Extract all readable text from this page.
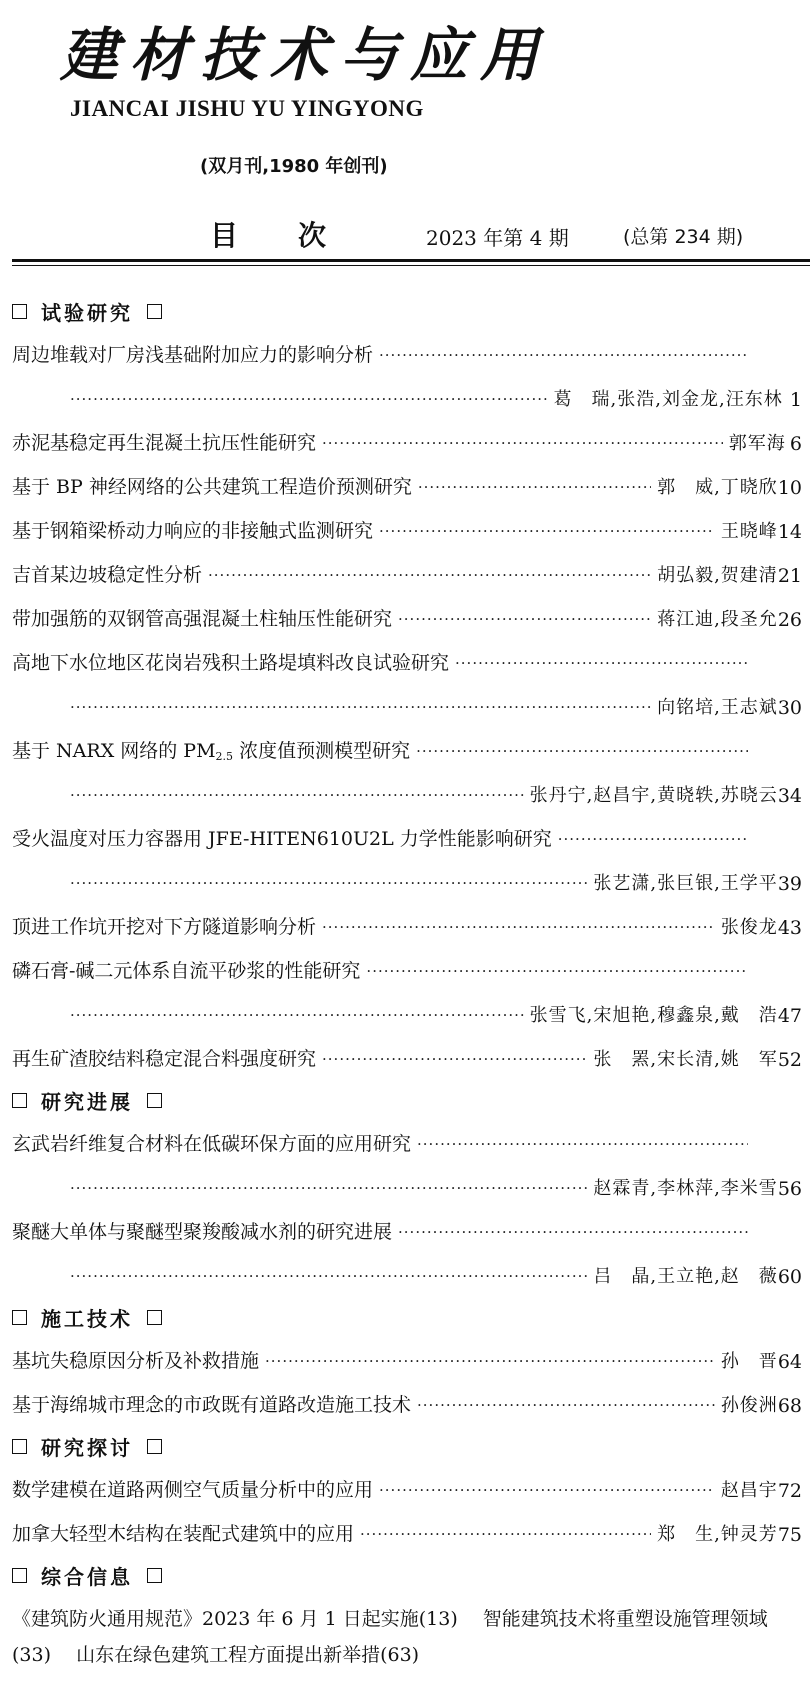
建材技术与应用
JIANCAI JISHU YU YINGYONG
(双月刊,1980 年创刊)
目次 2023 年第 4 期	(总第 234 期)
试验研究
周边堆载对厂房浅基础附加应力的影响分析
·····
·····
葛　瑞,张浩,刘金龙,汪东林 1
赤泥基稳定再生混凝土抗压性能研究 ·····	郭军海 6
基于 BP 神经网络的公共建筑工程造价预测研究 ·····	郭　威,丁晓欣 10
基于钢箱梁桥动力响应的非接触式监测研究 ·····	王晓峰 14
吉首某边坡稳定性分析 ·····	胡弘毅,贺建清 21
带加强筋的双钢管高强混凝土柱轴压性能研究 ·····	蒋江迪,段圣允 26
高地下水位地区花岗岩残积土路堤填料改良试验研究
·····
·····
向铭培,王志斌 30
基于 NARX 网络的 $PM_{2.5}$ 浓度值预测模型研究
·····
·····
张丹宁,赵昌宇,黄晓轶,苏晓云 34
受火温度对压力容器用 JFE-HITEN610U2L 力学性能影响研究
·····
·····
张艺潇,张巨银,王学平 39
顶进工作坑开挖对下方隧道影响分析 ·····	张俊龙 43
磷石膏-碱二元体系自流平砂浆的性能研究
·····
·····
张雪飞,宋旭艳,穆鑫泉,戴　浩 47
再生矿渣胶结料稳定混合料强度研究 ·····	张　罴,宋长清,姚　军 52
研究进展
玄武岩纤维复合材料在低碳环保方面的应用研究
·····
·····
赵霖青,李林萍,李米雪 56
聚醚大单体与聚醚型聚羧酸减水剂的研究进展
·····
·····
吕　晶,王立艳,赵　薇 60
施工技术
基坑失稳原因分析及补救措施 ·····	孙　晋 64
基于海绵城市理念的市政既有道路改造施工技术 ·····	孙俊洲 68
研究探讨
数学建模在道路两侧空气质量分析中的应用 ·····	赵昌宇 72
加拿大轻型木结构在装配式建筑中的应用 ·····	郑　生,钟灵芳 75
综合信息
《建筑防火通用规范》2023 年 6 月 1 日起实施(13)　 智能建筑技术将重塑设施管理领域(33)　 山东在绿色建筑工程方面提出新举措(63)
